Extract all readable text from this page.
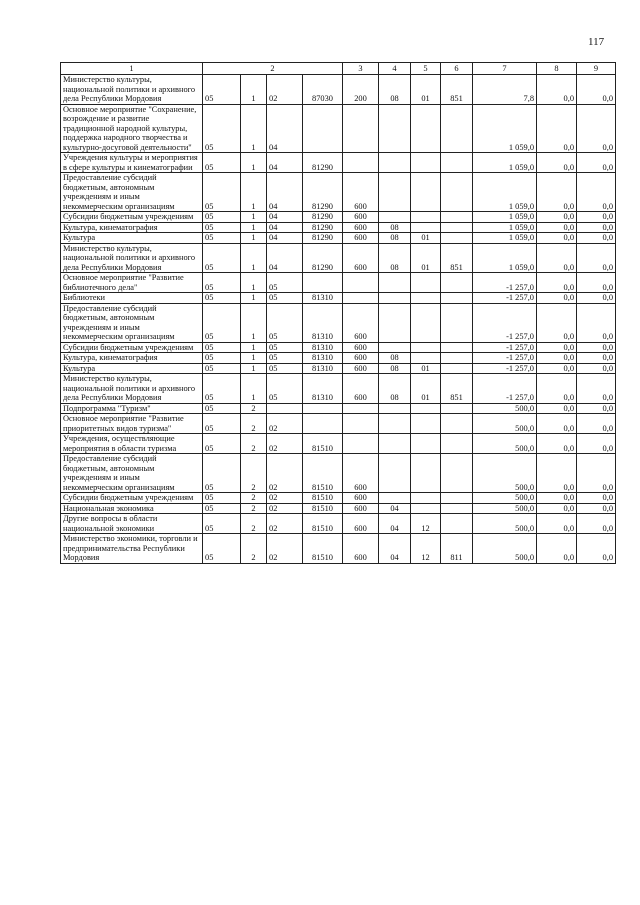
117
1	2				3	4	5	6	7	8	9
Министерство культуры, национальной политики и архивного дела Республики Мордовия	05	1	02	87030	200	08	01	851	7,8	0,0	0,0
Основное мероприятие "Сохранение, возрождение и развитие традиционной народной культуры, поддержка народного творчества и культурно-досуговой деятельности"	05	1	04						1 059,0	0,0	0,0
Учреждения культуры и мероприятия в сфере культуры и кинематографии	05	1	04	81290					1 059,0	0,0	0,0
Предоставление субсидий бюджетным, автономным учреждениям и иным некоммерческим организациям	05	1	04	81290	600				1 059,0	0,0	0,0
Субсидии бюджетным учреждениям	05	1	04	81290	600				1 059,0	0,0	0,0
Культура, кинематография	05	1	04	81290	600	08			1 059,0	0,0	0,0
Культура	05	1	04	81290	600	08	01		1 059,0	0,0	0,0
Министерство культуры, национальной политики и архивного дела Республики Мордовия	05	1	04	81290	600	08	01	851	1 059,0	0,0	0,0
Основное мероприятие "Развитие библиотечного дела"	05	1	05						-1 257,0	0,0	0,0
Библиотеки	05	1	05	81310					-1 257,0	0,0	0,0
Предоставление субсидий бюджетным, автономным учреждениям и иным некоммерческим организациям	05	1	05	81310	600				-1 257,0	0,0	0,0
Субсидии бюджетным учреждениям	05	1	05	81310	600				-1 257,0	0,0	0,0
Культура, кинематография	05	1	05	81310	600	08			-1 257,0	0,0	0,0
Культура	05	1	05	81310	600	08	01		-1 257,0	0,0	0,0
Министерство культуры, национальной политики и архивного дела Республики Мордовия	05	1	05	81310	600	08	01	851	-1 257,0	0,0	0,0
Подпрограмма "Туризм"	05	2							500,0	0,0	0,0
Основное мероприятие "Развитие приоритетных видов туризма"	05	2	02						500,0	0,0	0,0
Учреждения, осуществляющие мероприятия в области туризма	05	2	02	81510					500,0	0,0	0,0
Предоставление субсидий бюджетным, автономным учреждениям и иным некоммерческим организациям	05	2	02	81510	600				500,0	0,0	0,0
Субсидии бюджетным учреждениям	05	2	02	81510	600				500,0	0,0	0,0
Национальная экономика	05	2	02	81510	600	04			500,0	0,0	0,0
Другие вопросы в области национальной экономики	05	2	02	81510	600	04	12		500,0	0,0	0,0
Министерство экономики, торговли и предпринимательства Республики Мордовия	05	2	02	81510	600	04	12	811	500,0	0,0	0,0
